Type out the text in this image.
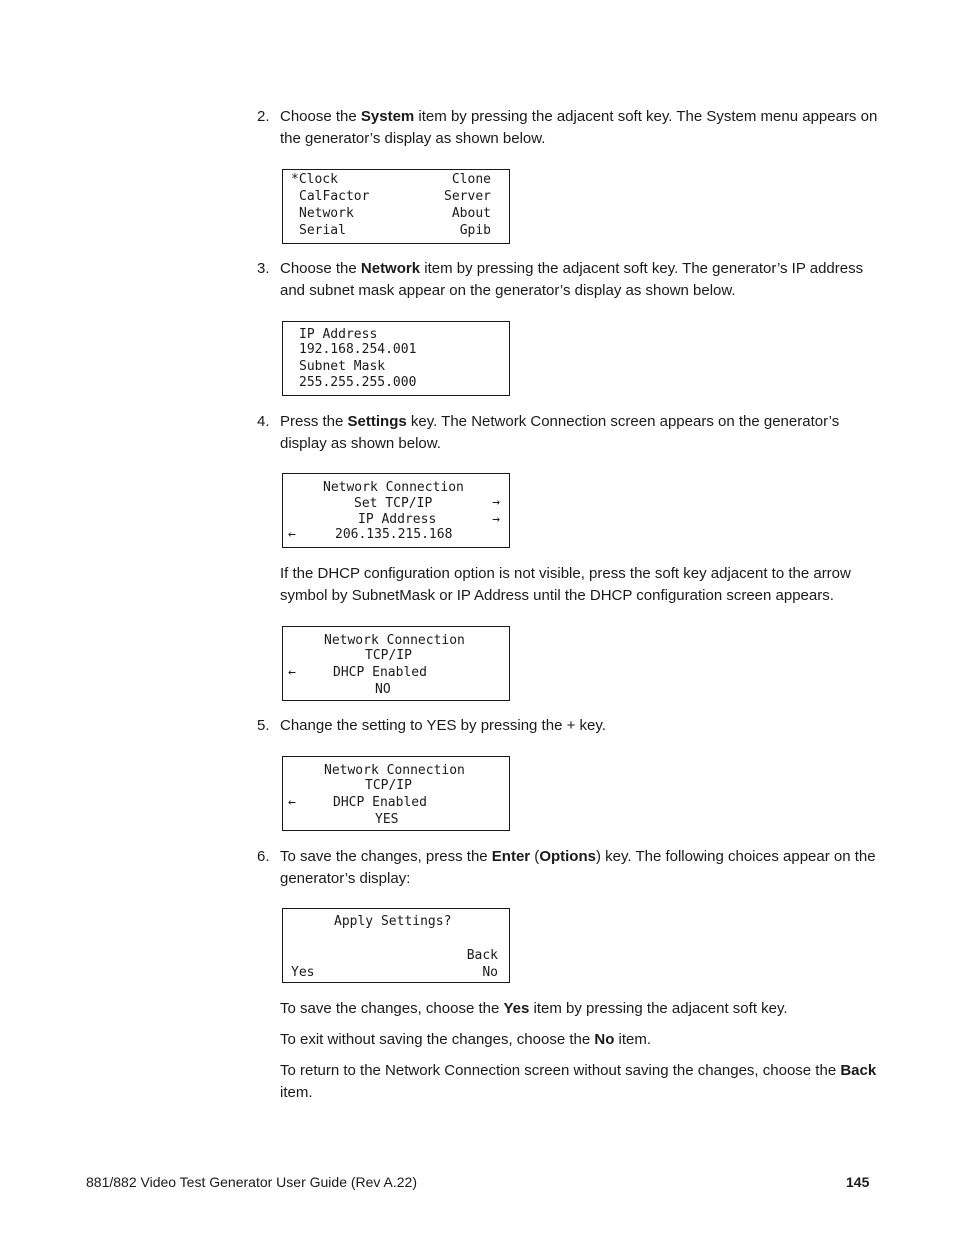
2. Choose the System item by pressing the adjacent soft key. The System menu appears on the generator’s display as shown below.
*Clock	Clone
CalFactor	Server
Network	About
Serial	Gpib
3. Choose the Network item by pressing the adjacent soft key. The generator’s IP address and subnet mask appear on the generator’s display as shown below.
IP Address
192.168.254.001
Subnet Mask
255.255.255.000
4. Press the Settings key. The Network Connection screen appears on the generator’s display as shown below.
Network Connection
Set TCP/IP	→
IP Address	→
←	206.135.215.168
If the DHCP configuration option is not visible, press the soft key adjacent to the arrow symbol by SubnetMask or IP Address until the DHCP configuration screen appears.
Network Connection
TCP/IP
←	DHCP Enabled
NO
5. Change the setting to YES by pressing the + key.
Network Connection
TCP/IP
←	DHCP Enabled
YES
6. To save the changes, press the Enter (Options) key. The following choices appear on the generator’s display:
Apply Settings?
Back
Yes	No
To save the changes, choose the Yes item by pressing the adjacent soft key.
To exit without saving the changes, choose the No item.
To return to the Network Connection screen without saving the changes, choose the Back item.
881/882 Video Test Generator User Guide (Rev A.22)	145
